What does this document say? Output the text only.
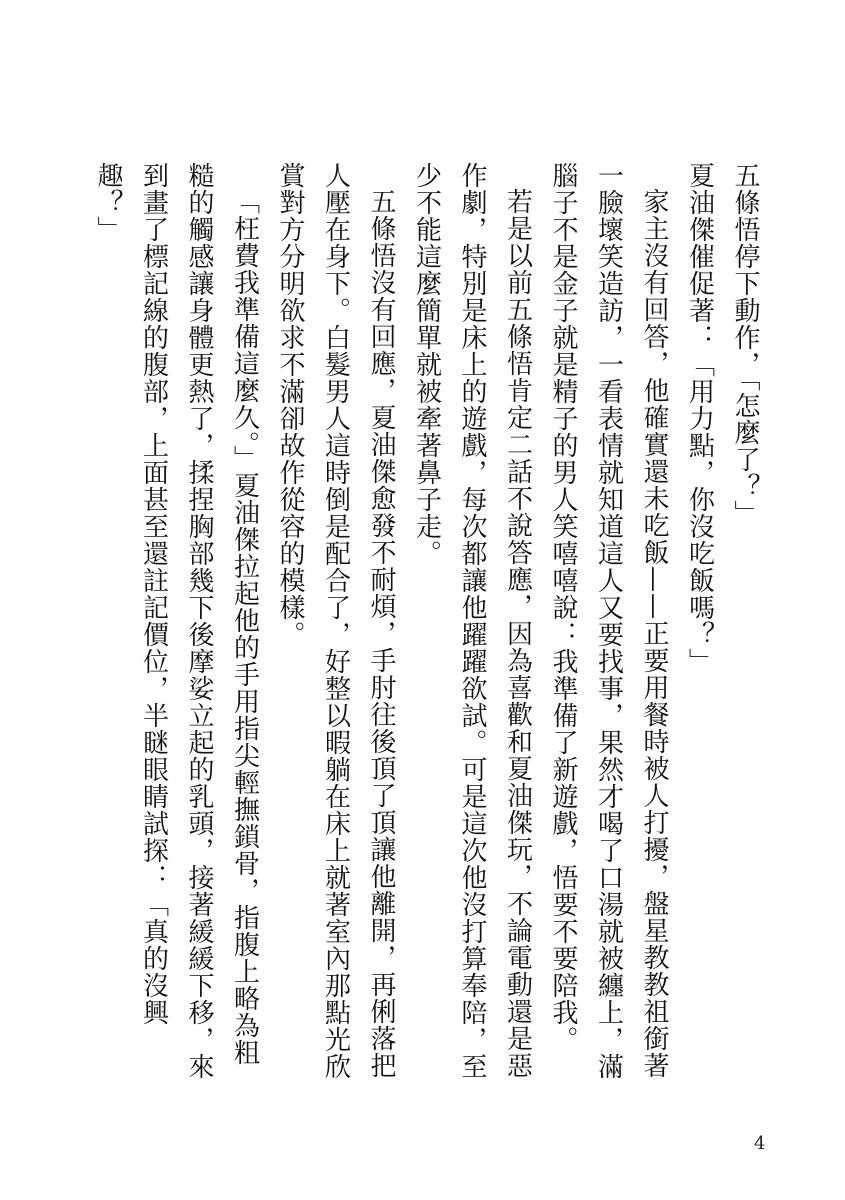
五條悟停下動作，「怎麼了？」

夏油傑催促著：「用力點，你沒吃飯嗎？」

家主沒有回答，他確實還未吃飯——正要用餐時被人打擾，盤星教教祖銜著一臉壞笑造訪，一看表情就知道這人又要找事，果然才喝了口湯就被纏上，滿腦子不是金子就是精子的男人笑嘻嘻說：我準備了新遊戲，悟要不要陪我。

若是以前五條悟肯定二話不說答應，因為喜歡和夏油傑玩，不論電動還是惡作劇，特別是床上的遊戲，每次都讓他躍躍欲試。可是這次他沒打算奉陪，至少不能這麼簡單就被牽著鼻子走。

五條悟沒有回應，夏油傑愈發不耐煩，手肘往後頂了頂讓他離開，再俐落把人壓在身下。白髮男人這時倒是配合了，好整以暇躺在床上就著室內那點光欣賞對方分明欲求不滿卻故作從容的模樣。

「枉費我準備這麼久。」夏油傑拉起他的手用指尖輕撫鎖骨，指腹上略為粗糙的觸感讓身體更熱了，揉捏胸部幾下後摩娑立起的乳頭，接著緩緩下移，來到畫了標記線的腹部，上面甚至還註記價位，半瞇眼睛試探：「真的沒興趣？」

4
